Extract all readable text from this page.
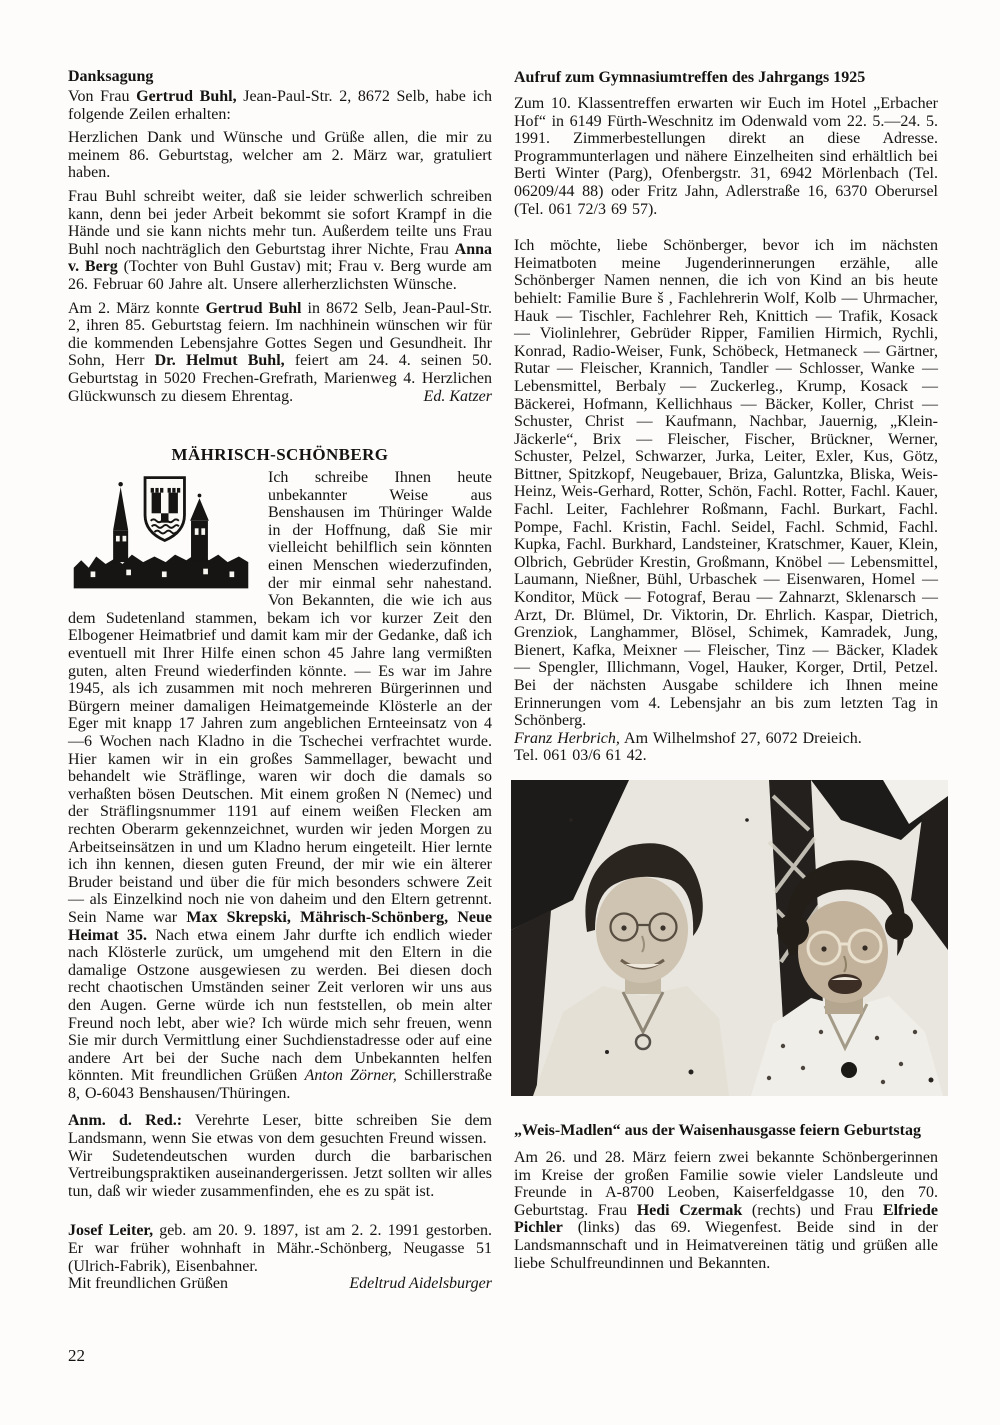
Danksagung

Von Frau Gertrud Buhl, Jean-Paul-Str. 2, 8672 Selb, habe ich folgende Zeilen erhalten:

Herzlichen Dank und Wünsche und Grüße allen, die mir zu meinem 86. Geburtstag, welcher am 2. März war, gratuliert haben.

Frau Buhl schreibt weiter, daß sie leider schwerlich schreiben kann, denn bei jeder Arbeit bekommt sie sofort Krampf in die Hände und sie kann nichts mehr tun. Außerdem teilte uns Frau Buhl noch nachträglich den Geburtstag ihrer Nichte, Frau Anna v. Berg (Tochter von Buhl Gustav) mit; Frau v. Berg wurde am 26. Februar 60 Jahre alt. Unsere allerherzlichsten Wünsche.

Am 2. März konnte Gertrud Buhl in 8672 Selb, Jean-Paul-Str. 2, ihren 85. Geburtstag feiern. Im nachhinein wünschen wir für die kommenden Lebensjahre Gottes Segen und Gesundheit. Ihr Sohn, Herr Dr. Helmut Buhl, feiert am 24. 4. seinen 50. Geburtstag in 5020 Frechen-Grefrath, Marienweg 4. Herzlichen Glückwunsch zu diesem Ehrentag.	Ed. Katzer
MÄHRISCH-SCHÖNBERG

Ich schreibe Ihnen heute unbekannter Weise aus Benshausen im Thüringer Walde in der Hoffnung, daß Sie mir vielleicht behilflich sein könnten einen Menschen wiederzufinden, der mir einmal sehr nahestand. Von Bekannten, die wie ich aus dem Sudetenland stammen, bekam ich vor kurzer Zeit den Elbogener Heimatbrief und damit kam mir der Gedanke, daß ich eventuell mit Ihrer Hilfe einen schon 45 Jahre lang vermißten guten, alten Freund wiederfinden könnte. — Es war im Jahre 1945, als ich zusammen mit noch mehreren Bürgerinnen und Bürgern meiner damaligen Heimatgemeinde Klösterle an der Eger mit knapp 17 Jahren zum angeblichen Ernteeinsatz von 4—6 Wochen nach Kladno in die Tschechei verfrachtet wurde. Hier kamen wir in ein großes Sammellager, bewacht und behandelt wie Sträflinge, waren wir doch die damals so verhaßten bösen Deutschen. Mit einem großen N (Nemec) und der Sträflingsnummer 1191 auf einem weißen Flecken am rechten Oberarm gekennzeichnet, wurden wir jeden Morgen zu Arbeitseinsätzen in und um Kladno herum eingeteilt. Hier lernte ich ihn kennen, diesen guten Freund, der mir wie ein älterer Bruder beistand und über die für mich besonders schwere Zeit — als Einzelkind noch nie von daheim und den Eltern getrennt. Sein Name war Max Skrepski, Mährisch-Schönberg, Neue Heimat 35. Nach etwa einem Jahr durfte ich endlich wieder nach Klösterle zurück, um umgehend mit den Eltern in die damalige Ostzone ausgewiesen zu werden. Bei diesen doch recht chaotischen Umständen seiner Zeit verloren wir uns aus den Augen. Gerne würde ich nun feststellen, ob mein alter Freund noch lebt, aber wie? Ich würde mich sehr freuen, wenn Sie mir durch Vermittlung einer Suchdienstadresse oder auf eine andere Art bei der Suche nach dem Unbekannten helfen könnten. Mit freundlichen Grüßen Anton Zörner, Schillerstraße 8, O-6043 Benshausen/Thüringen.

Anm. d. Red.: Verehrte Leser, bitte schreiben Sie dem Landsmann, wenn Sie etwas von dem gesuchten Freund wissen.

Wir Sudetendeutschen wurden durch die barbarischen Vertreibungspraktiken auseinandergerissen. Jetzt sollten wir alles tun, daß wir wieder zusammenfinden, ehe es zu spät ist.

Josef Leiter, geb. am 20. 9. 1897, ist am 2. 2. 1991 gestorben. Er war früher wohnhaft in Mähr.-Schönberg, Neugasse 51 (Ulrich-Fabrik), Eisenbahner.

Mit freundlichen Grüßen	Edeltrud Aidelsburger
Aufruf zum Gymnasiumtreffen des Jahrgangs 1925

Zum 10. Klassentreffen erwarten wir Euch im Hotel „Erbacher Hof“ in 6149 Fürth-Weschnitz im Odenwald vom 22. 5.—24. 5. 1991. Zimmerbestellungen direkt an diese Adresse. Programmunterlagen und nähere Einzelheiten sind erhältlich bei Berti Winter (Parg), Ofenbergstr. 31, 6942 Mörlenbach (Tel. 06209/44 88) oder Fritz Jahn, Adlerstraße 16, 6370 Oberursel (Tel. 061 72/3 69 57).

Ich möchte, liebe Schönberger, bevor ich im nächsten Heimatboten meine Jugenderinnerungen erzähle, alle Schönberger Namen nennen, die ich von Kind an bis heute behielt: Familie Bure š , Fachlehrerin Wolf, Kolb — Uhrmacher, Hauk — Tischler, Fachlehrer Reh, Knittich — Trafik, Kosack — Violinlehrer, Gebrüder Ripper, Familien Hirmich, Rychli, Konrad, Radio-Weiser, Funk, Schöbeck, Hetmaneck — Gärtner, Rutar — Fleischer, Krannich, Tandler — Schlosser, Wanke — Lebensmittel, Berbaly — Zuckerleg., Krump, Kosack — Bäckerei, Hofmann, Kellichhaus — Bäcker, Koller, Christ — Schuster, Christ — Kaufmann, Nachbar, Jauernig, „Klein-Jäckerle“, Brix — Fleischer, Fischer, Brückner, Werner, Schuster, Pelzel, Schwarzer, Jurka, Leiter, Exler, Kus, Götz, Bittner, Spitzkopf, Neugebauer, Briza, Galuntzka, Bliska, Weis-Heinz, Weis-Gerhard, Rotter, Schön, Fachl. Rotter, Fachl. Kauer, Fachl. Leiter, Fachlehrer Roßmann, Fachl. Burkart, Fachl. Pompe, Fachl. Kristin, Fachl. Seidel, Fachl. Schmid, Fachl. Kupka, Fachl. Burkhard, Landsteiner, Kratschmer, Kauer, Klein, Olbrich, Gebrüder Krestin, Großmann, Knöbel — Lebensmittel, Laumann, Nießner, Bühl, Urbaschek — Eisenwaren, Homel — Konditor, Mück — Fotograf, Berau — Zahnarzt, Sklenarsch — Arzt, Dr. Blümel, Dr. Viktorin, Dr. Ehrlich. Kaspar, Dietrich, Grenziok, Langhammer, Blösel, Schimek, Kamradek, Jung, Bienert, Kafka, Meixner — Fleischer, Tinz — Bäcker, Kladek — Spengler, Illichmann, Vogel, Hauker, Korger, Drtil, Petzel. Bei der nächsten Ausgabe schildere ich Ihnen meine Erinnerungen vom 4. Lebensjahr an bis zum letzten Tag in Schönberg.

Franz Herbrich, Am Wilhelmshof 27, 6072 Dreieich.

Tel. 061 03/6 61 42.

„Weis-Madlen“ aus der Waisenhausgasse feiern Geburtstag

Am 26. und 28. März feiern zwei bekannte Schönbergerinnen im Kreise der großen Familie sowie vieler Landsleute und Freunde in A-8700 Leoben, Kaiserfeldgasse 10, den 70. Geburtstag. Frau Hedi Czermak (rechts) und Frau Elfriede Pichler (links) das 69. Wiegenfest. Beide sind in der Landsmannschaft und in Heimatvereinen tätig und grüßen alle liebe Schulfreundinnen und Bekannten.

22
